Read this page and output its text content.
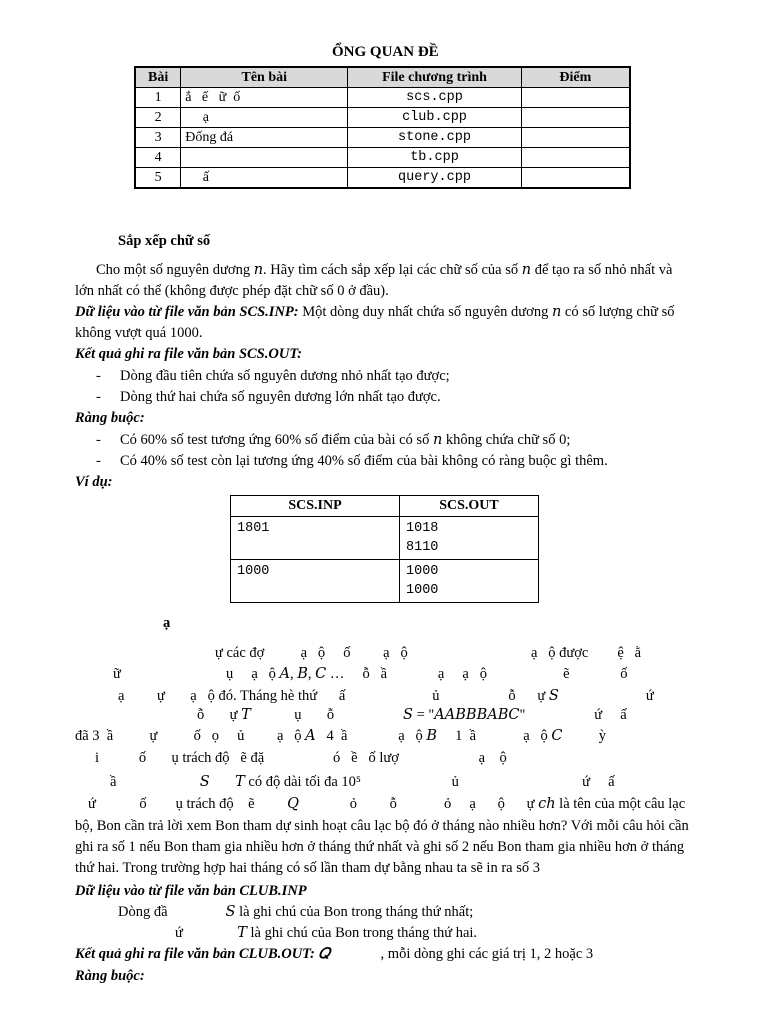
ỔNG QUAN ĐỀ
Bài	Tên bài	File chương trình	Điểm
1	ắ   ế   ữ  ố	scs.cpp	
2	ạ	club.cpp	
3	Đống đá	stone.cpp	
4		tb.cpp	
5	ấ	query.cpp	
Sắp xếp chữ số
Cho một số nguyên dương 𝑛. Hãy tìm cách sắp xếp lại các chữ số của số 𝑛 để tạo ra số nhỏ nhất và
lớn nhất có thể (không được phép đặt chữ số 0 ở đầu).
Dữ liệu vào từ file văn bản SCS.INP: Một dòng duy nhất chứa số nguyên dương 𝑛 có số lượng chữ số
không vượt quá 1000.
Kết quả ghi ra file văn bản SCS.OUT:
- Dòng đầu tiên chứa số nguyên dương nhỏ nhất tạo được;
- Dòng thứ hai chứa số nguyên dương lớn nhất tạo được.
Ràng buộc:
- Có 60% số test tương ứng 60% số điểm của bài có số 𝑛 không chứa chữ số 0;
- Có 40% số test còn lại tương ứng 40% số điểm của bài không có ràng buộc gì thêm.
Ví dụ:
SCS.INP	SCS.OUT

1801	1018
8110

1000	1000
1000
ạ
ự các đợ          ạ   ộ     ố         ạ   ộ                                  ạ   ộ được        ệ   ằ
ữ                             ụ     ạ   ộ 𝐴, 𝐵, 𝐶 …     ỗ   ầ              ạ     ạ   ộ                     ẽ              ố
ạ         ự       ạ   ộ đó. Tháng hè thứ      ấ                        ủ                   ỗ      ự 𝑆                        ứ
ỗ       ự 𝑇            ụ       ỗ                   𝑆 = "𝐴𝐴𝐵𝐵𝐵𝐴𝐵𝐶"                   ứ     ấ
đã 3  ầ          ự          ố   ọ     ủ         ạ   ộ 𝐴   4  ầ              ạ   ộ 𝐵     1  ầ             ạ   ộ 𝐶          ỳ
i           ố       ụ trách độ   ẽ đặ                   ó   ề   ố lượ                      ạ    ộ
ầ                       𝑆       𝑇 có độ dài tối đa 10⁵                         ủ                                  ứ     ấ
ứ            ố        ụ trách độ    ẽ         𝑄              ỏ         ỗ             ỏ     ạ      ộ      ự 𝑐ℎ là tên của một câu lạc
bộ, Bon cần trả lời xem Bon tham dự sinh hoạt câu lạc bộ đó ở tháng nào nhiều hơn? Với mỗi câu hỏi cần
ghi ra số 1 nếu Bon tham gia nhiều hơn ở tháng thứ nhất và ghi số 2 nếu Bon tham gia nhiều hơn ở tháng
thứ hai. Trong trường hợp hai tháng có số lần tham dự bằng nhau ta sẽ in ra số 3
Dữ liệu vào từ file văn bản CLUB.INP
Dòng đầ                𝑆 là ghi chú của Bon trong tháng thứ nhất;
ứ               𝑇 là ghi chú của Bon trong tháng thứ hai.
Kết quả ghi ra file văn bản CLUB.OUT: 𝑄              , mỗi dòng ghi các giá trị 1, 2 hoặc 3
Ràng buộc:
